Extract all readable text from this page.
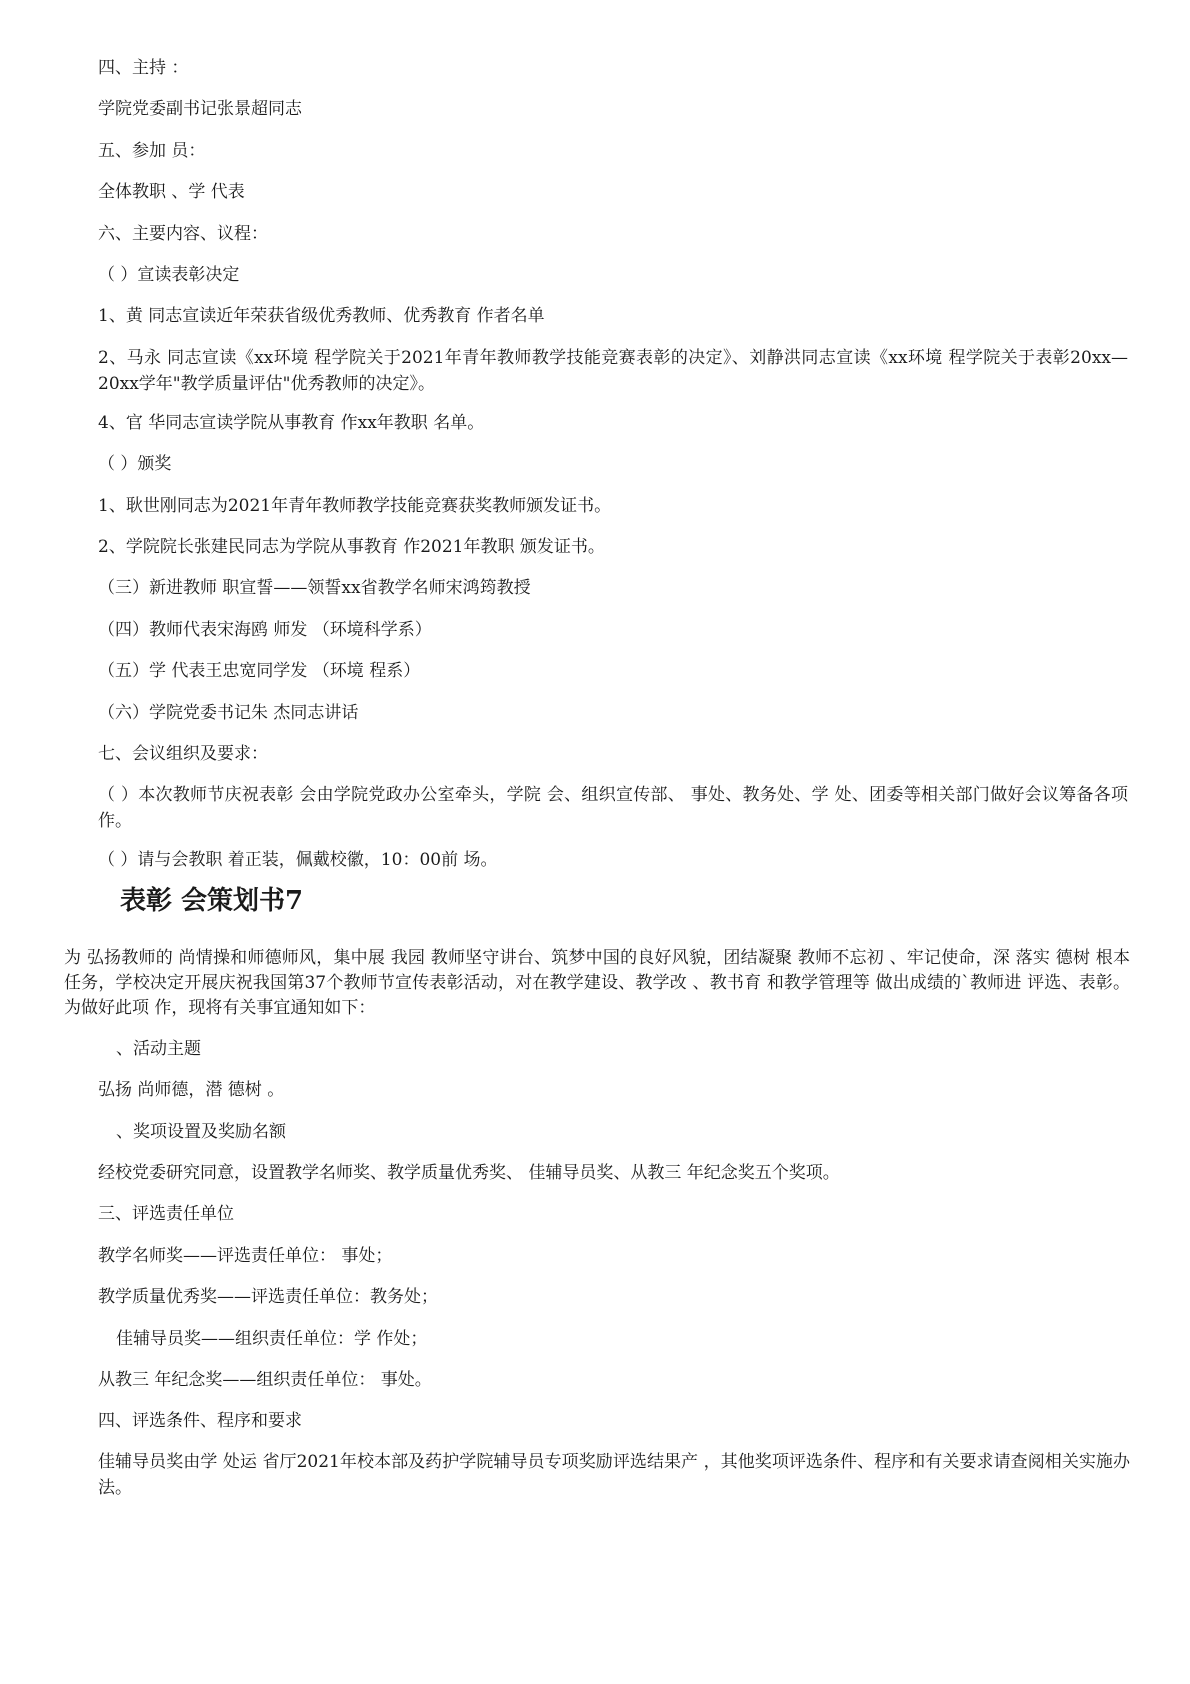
四、主持 ：

学院党委副书记张景超同志

五、参加 员：

全体教职 、学 代表

六、主要内容、议程：

（ ）宣读表彰决定

1、黄 同志宣读近年荣获省级优秀教师、优秀教育 作者名单

2、马永 同志宣读《xx环境 程学院关于2021年青年教师教学技能竞赛表彰的决定》、刘静洪同志宣读《xx环境 程学院关于表彰20xx—20xx学年"教学质量评估"优秀教师的决定》。

4、官 华同志宣读学院从事教育 作xx年教职 名单。

（ ）颁奖

1、耿世刚同志为2021年青年教师教学技能竞赛获奖教师颁发证书。

2、学院院长张建民同志为学院从事教育 作2021年教职 颁发证书。

（三）新进教师 职宣誓——领誓xx省教学名师宋鸿筠教授

（四）教师代表宋海鸥 师发 （环境科学系）

（五）学 代表王忠宽同学发 （环境 程系）

（六）学院党委书记朱 杰同志讲话

七、会议组织及要求：

（ ）本次教师节庆祝表彰 会由学院党政办公室牵头，学院 会、组织宣传部、 事处、教务处、学 处、团委等相关部门做好会议筹备各项 作。

（ ）请与会教职 着正装，佩戴校徽，10：00前 场。

表彰 会策划书7

为 弘扬教师的 尚情操和师德师风，集中展 我园 教师坚守讲台、筑梦中国的良好风貌，团结凝聚 教师不忘初 、牢记使命，深 落实 德树 根本任务，学校决定开展庆祝我国第37个教师节宣传表彰活动，对在教学建设、教学改 、教书育 和教学管理等 做出成绩的`教师进 评选、表彰。为做好此项 作，现将有关事宜通知如下：

、活动主题

弘扬 尚师德，潜 德树 。

、奖项设置及奖励名额

经校党委研究同意，设置教学名师奖、教学质量优秀奖、 佳辅导员奖、从教三 年纪念奖五个奖项。

三、评选责任单位

教学名师奖——评选责任单位： 事处；

教学质量优秀奖——评选责任单位：教务处；

佳辅导员奖——组织责任单位：学 作处；

从教三 年纪念奖——组织责任单位： 事处。

四、评选条件、程序和要求

佳辅导员奖由学 处运 省厅2021年校本部及药护学院辅导员专项奖励评选结果产 ，其他奖项评选条件、程序和有关要求请查阅相关实施办法。
